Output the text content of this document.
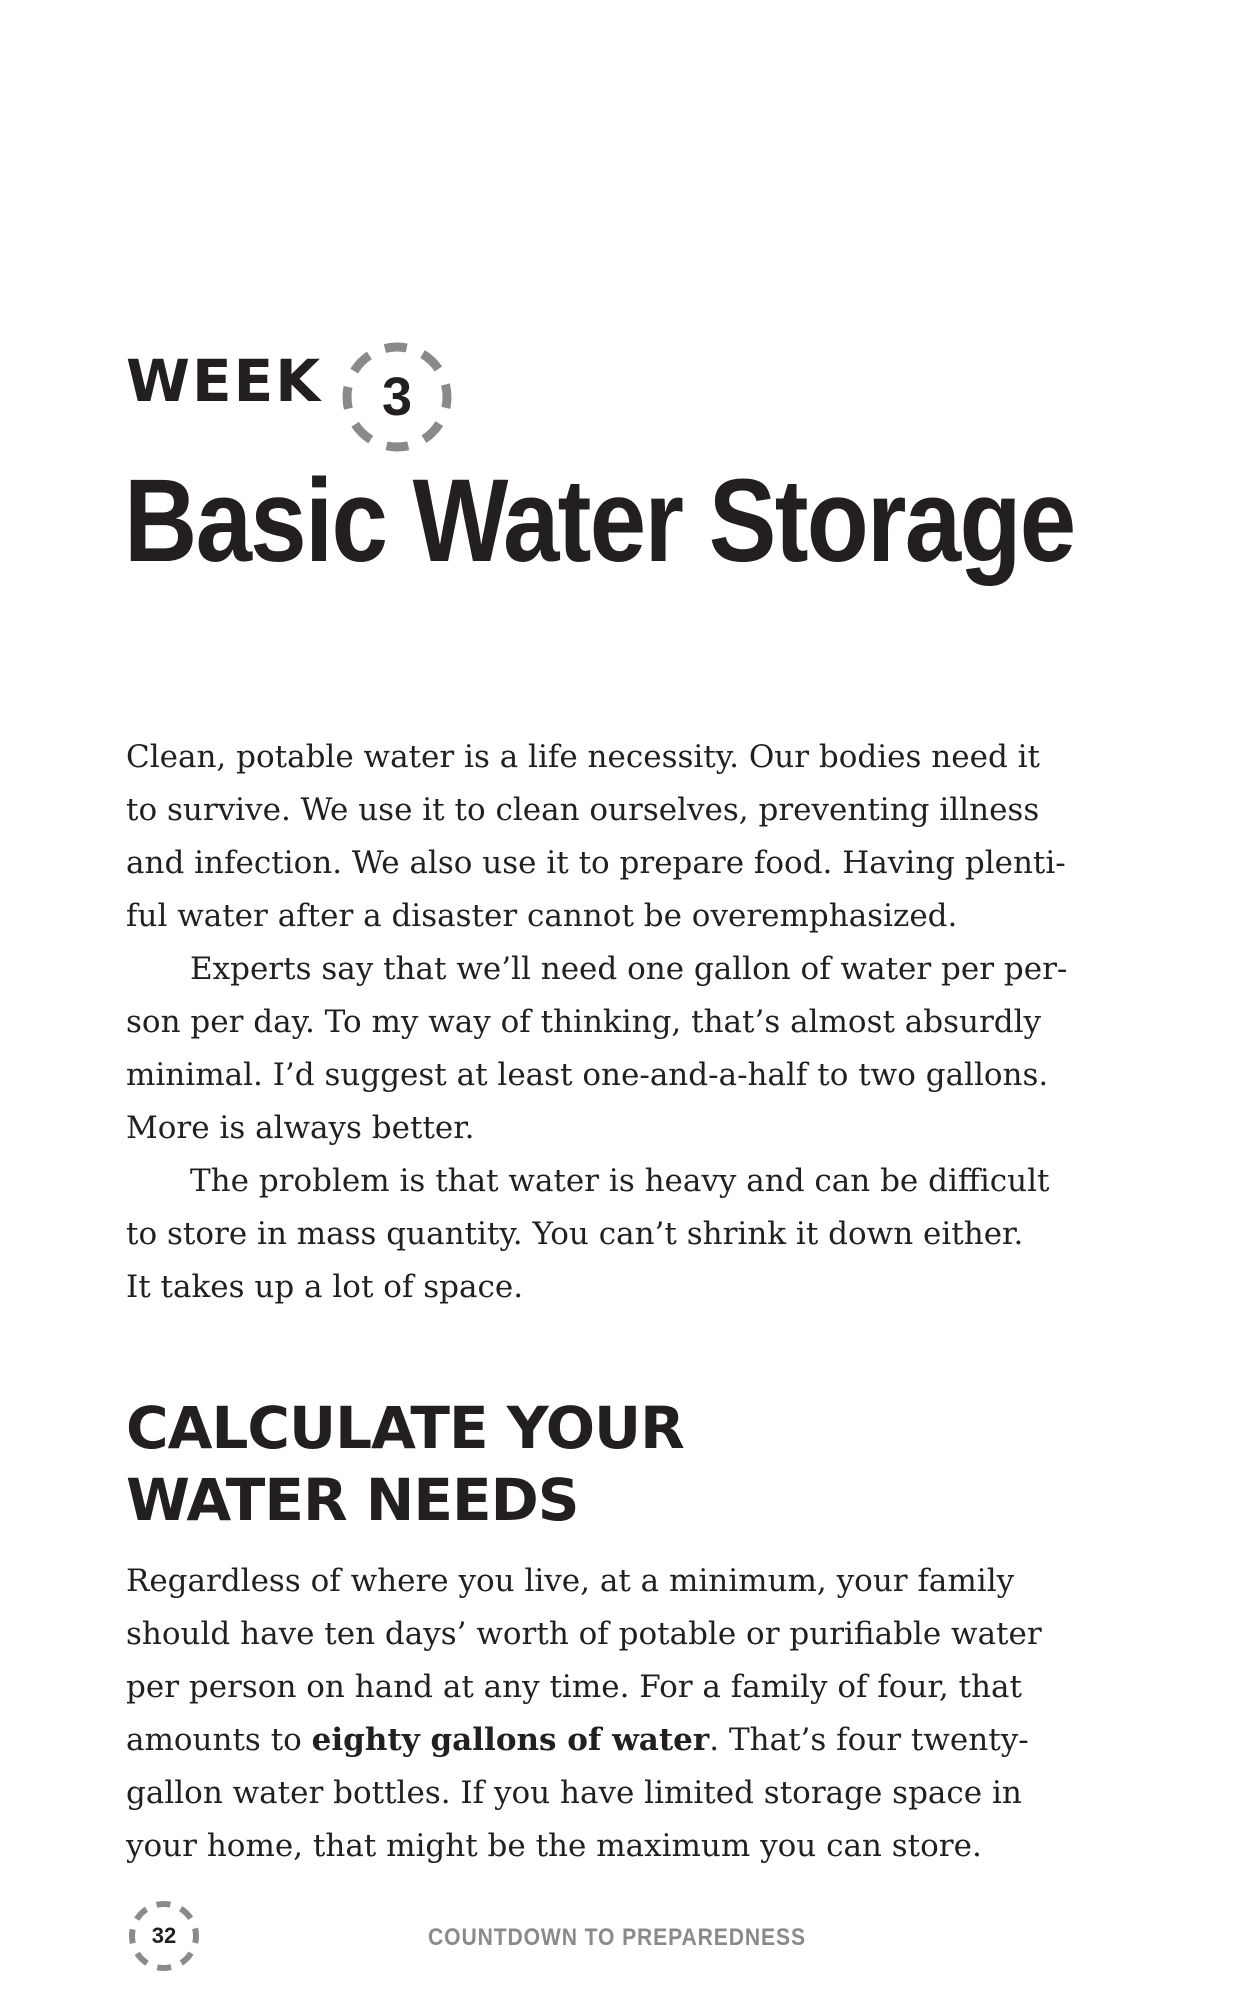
WEEK	3
Basic Water Storage

Clean, potable water is a life necessity. Our bodies need it
to survive. We use it to clean ourselves, preventing illness
and infection. We also use it to prepare food. Having plenti-
ful water after a disaster cannot be overemphasized.

Experts say that we’ll need one gallon of water per per-
son per day. To my way of thinking, that’s almost absurdly
minimal. I’d suggest at least one-and-a-half to two gallons.
More is always better.

The problem is that water is heavy and can be difficult
to store in mass quantity. You can’t shrink it down either.
It takes up a lot of space.

CALCULATE YOUR
WATER NEEDS

Regardless of where you live, at a minimum, your family
should have ten days’ worth of potable or purifiable water
per person on hand at any time. For a family of four, that
amounts to eighty gallons of water. That’s four twenty-
gallon water bottles. If you have limited storage space in
your home, that might be the maximum you can store.

32	COUNTDOWN TO PREPAREDNESS
